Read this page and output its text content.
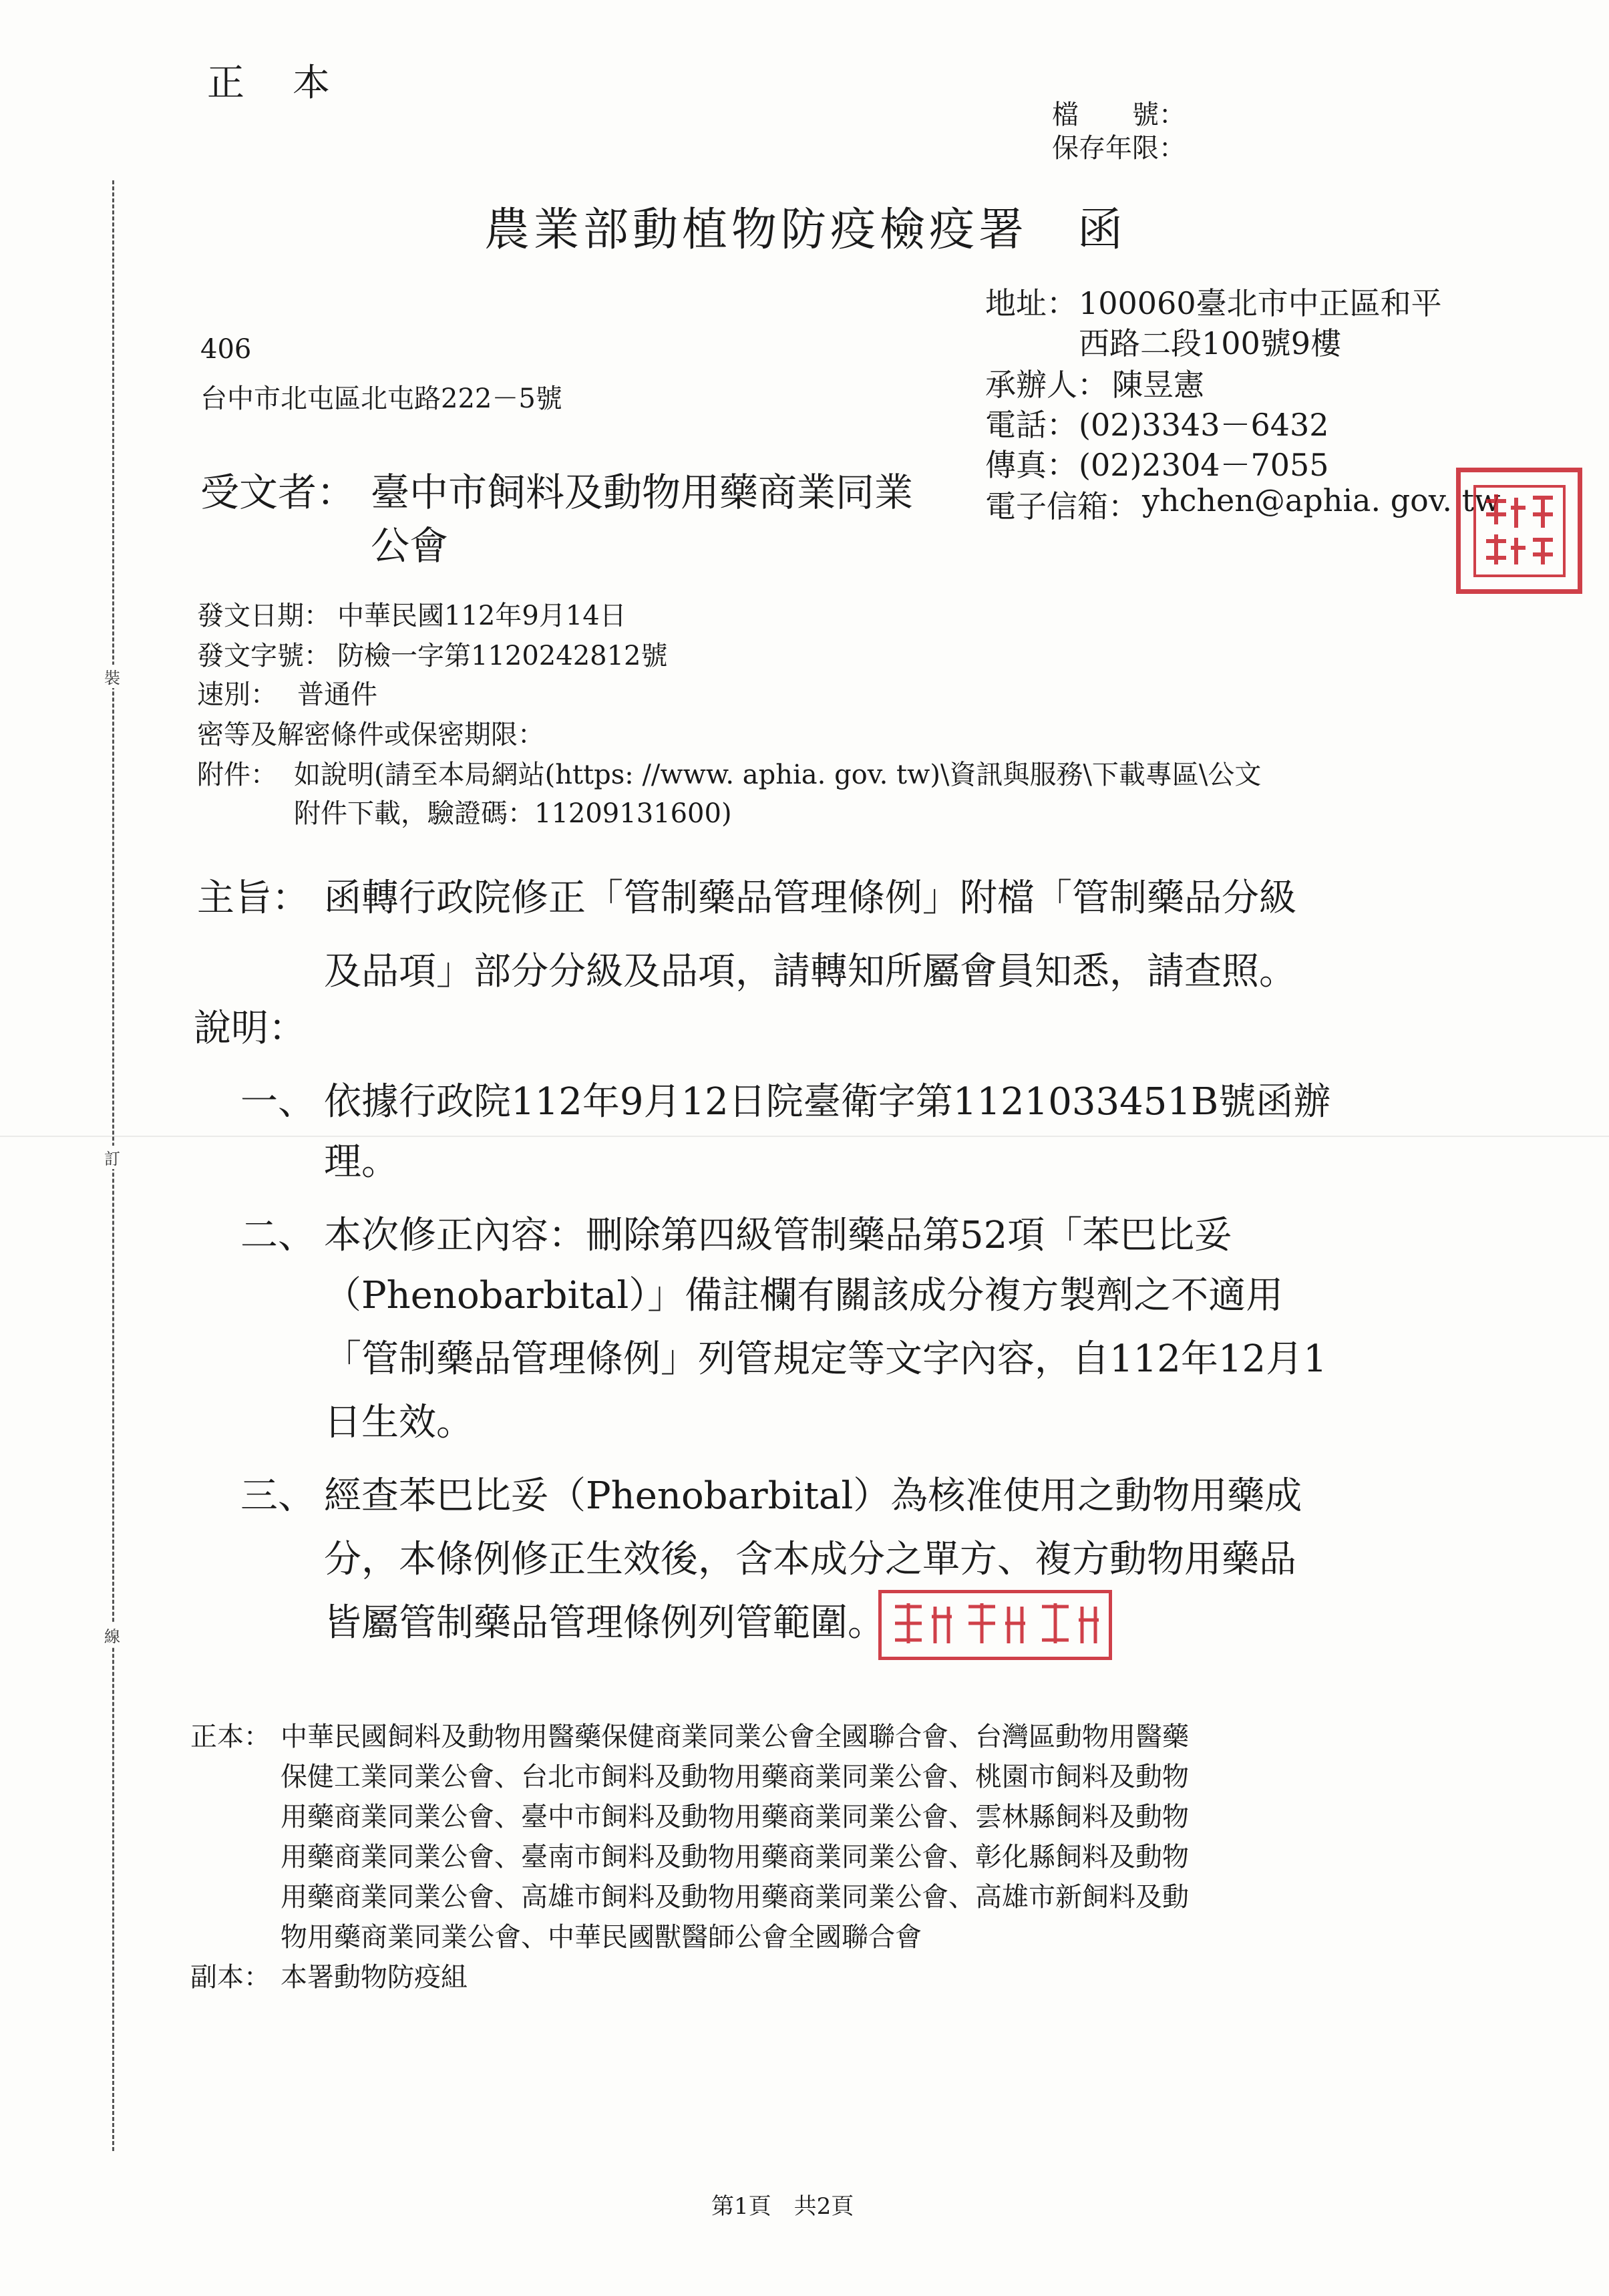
裝
訂
線
正　本
檔　　號：
保存年限：
農業部動植物防疫檢疫署　函
地址： 100060臺北市中正區和平
西路二段100號9樓
承辦人： 陳昱憲
電話： (02)3343－6432
傳真： (02)2304－7055
電子信箱： yhchen@aphia. gov. tw
406
台中市北屯區北屯路222－5號
受文者： 臺中市飼料及動物用藥商業同業
公會
發文日期： 中華民國112年9月14日
發文字號： 防檢一字第1120242812號
速別： 普通件
密等及解密條件或保密期限：
附件： 如說明(請至本局網站(https: //www. aphia. gov. tw)\資訊與服務\下載專區\公文
附件下載，驗證碼：11209131600)
主旨： 函轉行政院修正「管制藥品管理條例」附檔「管制藥品分級
及品項」部分分級及品項，請轉知所屬會員知悉，請查照。
說明：
一、 依據行政院112年9月12日院臺衛字第1121033451B號函辦
理。
二、 本次修正內容：刪除第四級管制藥品第52項「苯巴比妥
（Phenobarbital）」備註欄有關該成分複方製劑之不適用
「管制藥品管理條例」列管規定等文字內容，自112年12月1
日生效。
三、 經查苯巴比妥（Phenobarbital）為核准使用之動物用藥成
分，本條例修正生效後，含本成分之單方、複方動物用藥品
皆屬管制藥品管理條例列管範圍。
正本： 中華民國飼料及動物用醫藥保健商業同業公會全國聯合會、台灣區動物用醫藥
保健工業同業公會、台北市飼料及動物用藥商業同業公會、桃園市飼料及動物
用藥商業同業公會、臺中市飼料及動物用藥商業同業公會、雲林縣飼料及動物
用藥商業同業公會、臺南市飼料及動物用藥商業同業公會、彰化縣飼料及動物
用藥商業同業公會、高雄市飼料及動物用藥商業同業公會、高雄市新飼料及動
物用藥商業同業公會、中華民國獸醫師公會全國聯合會
副本： 本署動物防疫組
第1頁　共2頁
